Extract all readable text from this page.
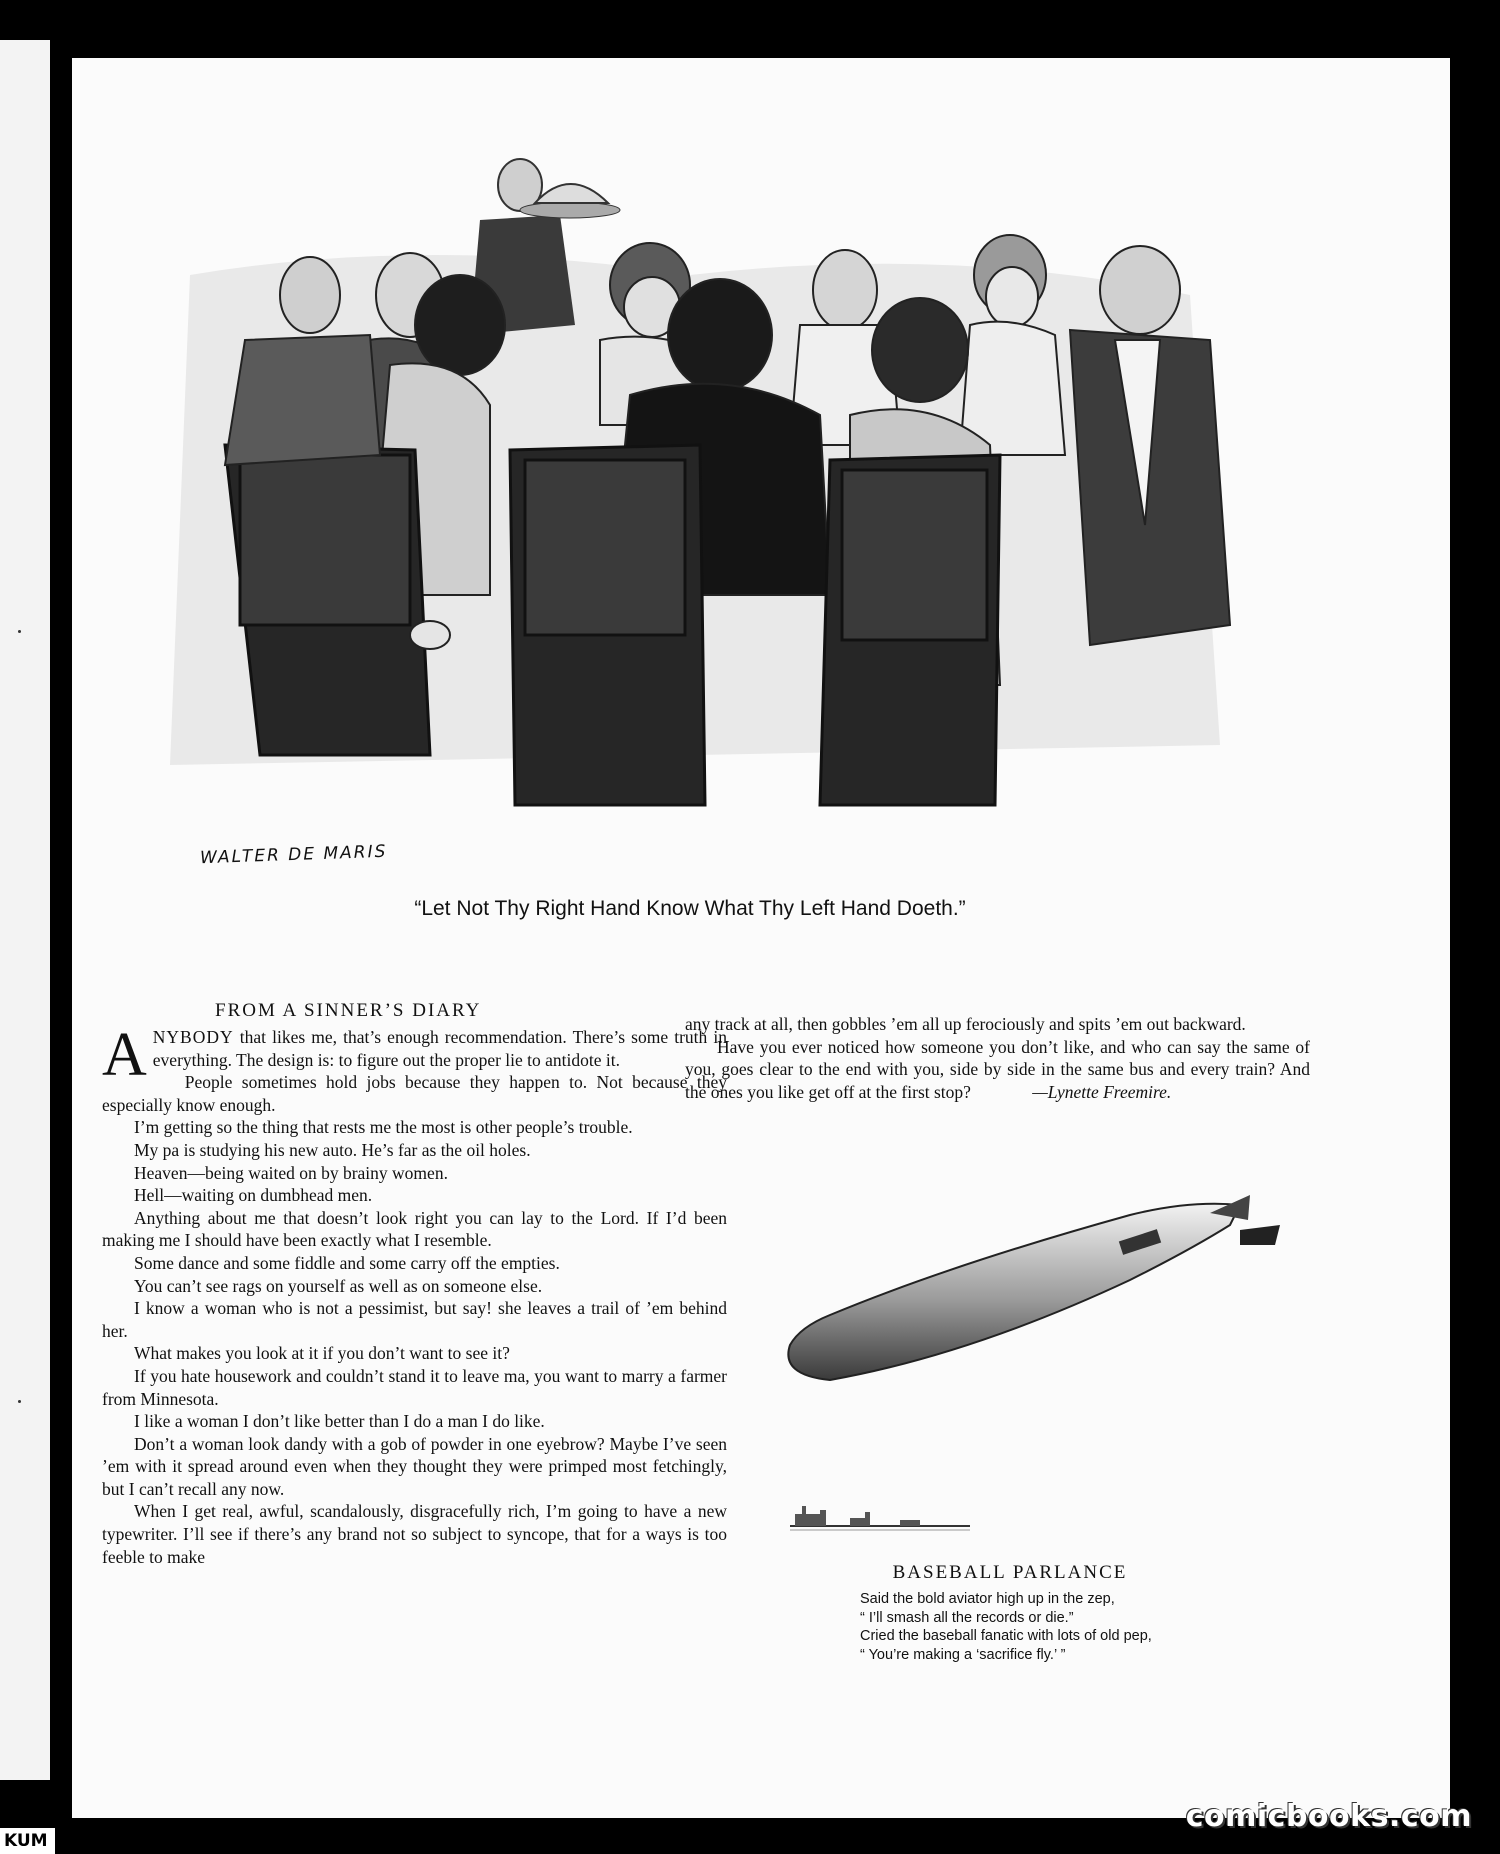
WALTER DE MARIS
“Let Not Thy Right Hand Know What Thy Left Hand Doeth.”
FROM A SINNER’S DIARY

ANYBODY that likes me, that’s enough recommendation. There’s some truth in everything. The design is: to figure out the proper lie to antidote it.

People sometimes hold jobs because they happen to. Not because they especially know enough.

I’m getting so the thing that rests me the most is other people’s trouble.

My pa is studying his new auto. He’s far as the oil holes.

Heaven—being waited on by brainy women.

Hell—waiting on dumbhead men.

Anything about me that doesn’t look right you can lay to the Lord. If I’d been making me I should have been exactly what I resemble.

Some dance and some fiddle and some carry off the empties.

You can’t see rags on yourself as well as on someone else.

I know a woman who is not a pessimist, but say! she leaves a trail of ’em behind her.

What makes you look at it if you don’t want to see it?

If you hate housework and couldn’t stand it to leave ma, you want to marry a farmer from Minnesota.

I like a woman I don’t like better than I do a man I do like.

Don’t a woman look dandy with a gob of powder in one eyebrow? Maybe I’ve seen ’em with it spread around even when they thought they were primped most fetchingly, but I can’t recall any now.

When I get real, awful, scandalously, disgracefully rich, I’m going to have a new typewriter. I’ll see if there’s any brand not so subject to syncope, that for a ways is too feeble to make

any track at all, then gobbles ’em all up ferociously and spits ’em out backward.

Have you ever noticed how someone you don’t like, and who can say the same of you, goes clear to the end with you, side by side in the same bus and every train? And the ones you like get off at the first stop?	—Lynette Freemire.

BASEBALL PARLANCE
Said the bold aviator high up in the zep,
“ I’ll smash all the records or die.”
Cried the baseball fanatic with lots of old pep,
“ You’re making a ‘sacrifice fly.’ ”
comicbooks.com
KUM
